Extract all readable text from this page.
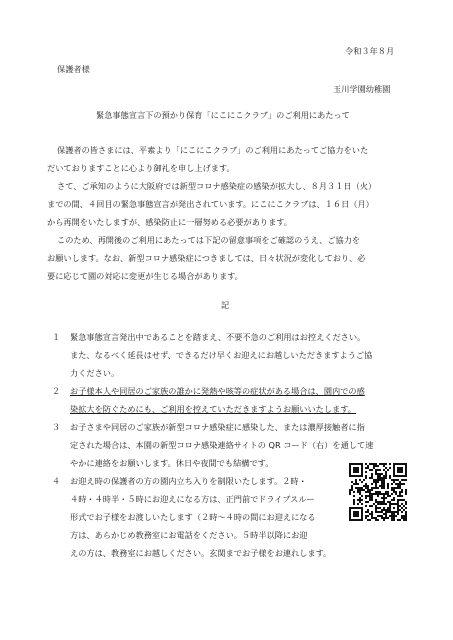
令和３年８月
保護者様
玉川学園幼稚園
緊急事態宣言下の預かり保育「にこにこクラブ」のご利用にあたって
保護者の皆さまには、平素より「にこにこクラブ」のご利用にあたってご協力をいた
だいておりますことに心より御礼を申し上げます。
さて、ご承知のように大阪府では新型コロナ感染症の感染が拡大し、８月３１日（火）
までの間、４回目の緊急事態宣言が発出されています。にこにこクラブは、１６日（月）
から再開をいたしますが、感染防止に一層努める必要があります。
このため、再開後のご利用にあたっては下記の留意事項をご確認のうえ、ご協力を
お願いします。なお、新型コロナ感染症につきましては、日々状況が変化しており、必
要に応じて園の対応に変更が生じる場合があります。
記
１ 緊急事態宣言発出中であることを踏まえ、不要不急のご利用はお控えください。
また、なるべく延長はせず、できるだけ早くお迎えにお越しいただきますようご協
力ください。
２ お子様本人や同居のご家族の誰かに発熱や咳等の症状がある場合は、園内での感
染拡大を防ぐためにも、ご利用を控えていただきますようお願いいたします。
３ お子さまや同居のご家族が新型コロナ感染症に感染した、または濃厚接触者に指
定された場合は、本園の新型コロナ感染連絡サイトの QR コード（右）を通して速
やかに連絡をお願いします。休日や夜間でも結構です。
４ お迎え時の保護者の方の園内立ち入りを制限いたします。２時・
４時・４時半・５時にお迎えになる方は、正門前でドライブスルー
形式でお子様をお渡しいたします（２時～４時の間にお迎えになる
方は、あらかじめ教務室にお電話をください。５時半以降にお迎
えの方は、教務室にお越しください。玄関までお子様をお連れします。
